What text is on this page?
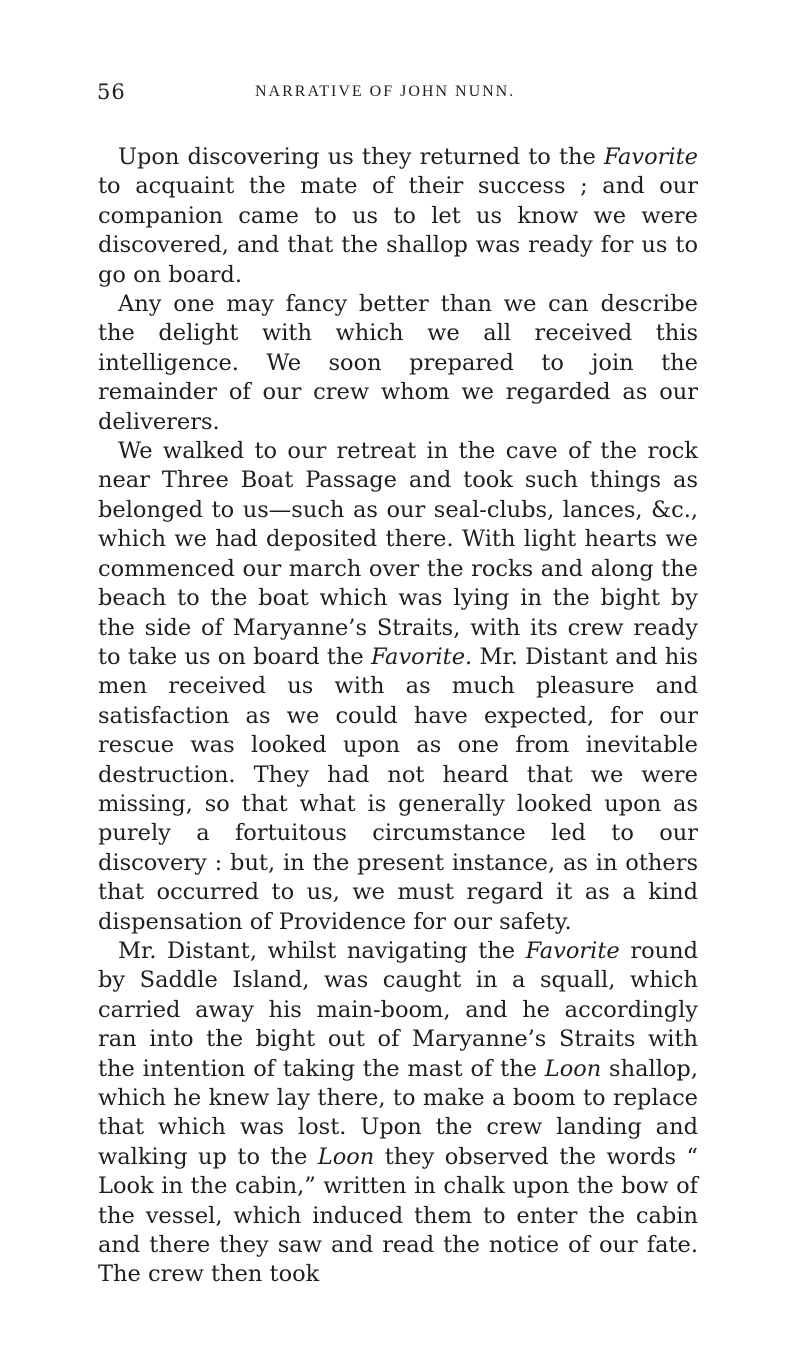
56	NARRATIVE OF JOHN NUNN.

Upon discovering us they returned to the Favorite to acquaint the mate of their success ; and our companion came to us to let us know we were discovered, and that the shallop was ready for us to go on board.

Any one may fancy better than we can describe the delight with which we all received this intelligence. We soon prepared to join the remainder of our crew whom we regarded as our deliverers.

We walked to our retreat in the cave of the rock near Three Boat Passage and took such things as belonged to us—such as our seal-clubs, lances, &c., which we had deposited there. With light hearts we commenced our march over the rocks and along the beach to the boat which was lying in the bight by the side of Maryanne’s Straits, with its crew ready to take us on board the Favorite. Mr. Distant and his men received us with as much pleasure and satisfaction as we could have expected, for our rescue was looked upon as one from inevitable destruction. They had not heard that we were missing, so that what is generally looked upon as purely a fortuitous circumstance led to our discovery : but, in the present instance, as in others that occurred to us, we must regard it as a kind dispensation of Providence for our safety.

Mr. Distant, whilst navigating the Favorite round by Saddle Island, was caught in a squall, which carried away his main-boom, and he accordingly ran into the bight out of Maryanne’s Straits with the intention of taking the mast of the Loon shallop, which he knew lay there, to make a boom to replace that which was lost. Upon the crew landing and walking up to the Loon they observed the words “ Look in the cabin,” written in chalk upon the bow of the vessel, which induced them to enter the cabin and there they saw and read the notice of our fate. The crew then took
